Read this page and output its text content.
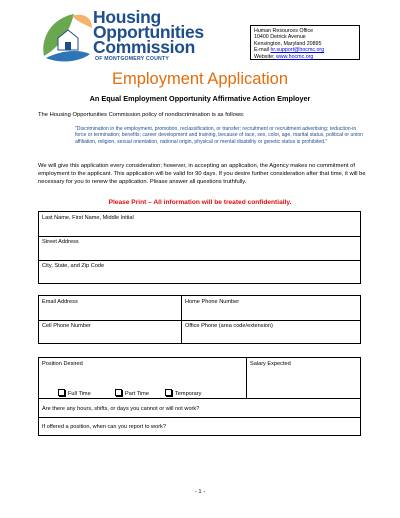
Housing
Opportunities
Commission
OF MONTGOMERY COUNTY
Human Resources Office
10400 Detrick Avenue
Kensington, Maryland 20895
E-mail hr.support@hocmc.org
Website: www.hocmc.org
Employment Application
An Equal Employment Opportunity Affirmative Action Employer
The Housing Opportunities Commission policy of nondiscrimination is as follows:
"Discrimination in the employment, promotion, reclassification, or transfer; recruitment or recruitment advertising; reduction-in force or termination; benefits; career development and training, because of race, sex, color, age, marital status, political or union affiliation, religion, sexual orientation, national origin, physical or mental disability or genetic status is prohibited."
We will give this application every consideration; however, in accepting an application, the Agency makes no commitment of employment to the applicant. This application will be valid for 90 days. If you desire further consideration after that time, it will be necessary for you to renew the application. Please answer all questions truthfully.
Please Print – All information will be treated confidentially.
Last Name, First Name, Middle Initial
Street Address
City, State, and Zip Code
Email Address	Home Phone Number
Cell Phone Number	Office Phone (area code/extension)
Position Desired	Salary Expected
Full Time	Part Time	Temporary
Are there any hours, shifts, or days you cannot or will not work?
If offered a position, when can you report to work?
- 1 -
